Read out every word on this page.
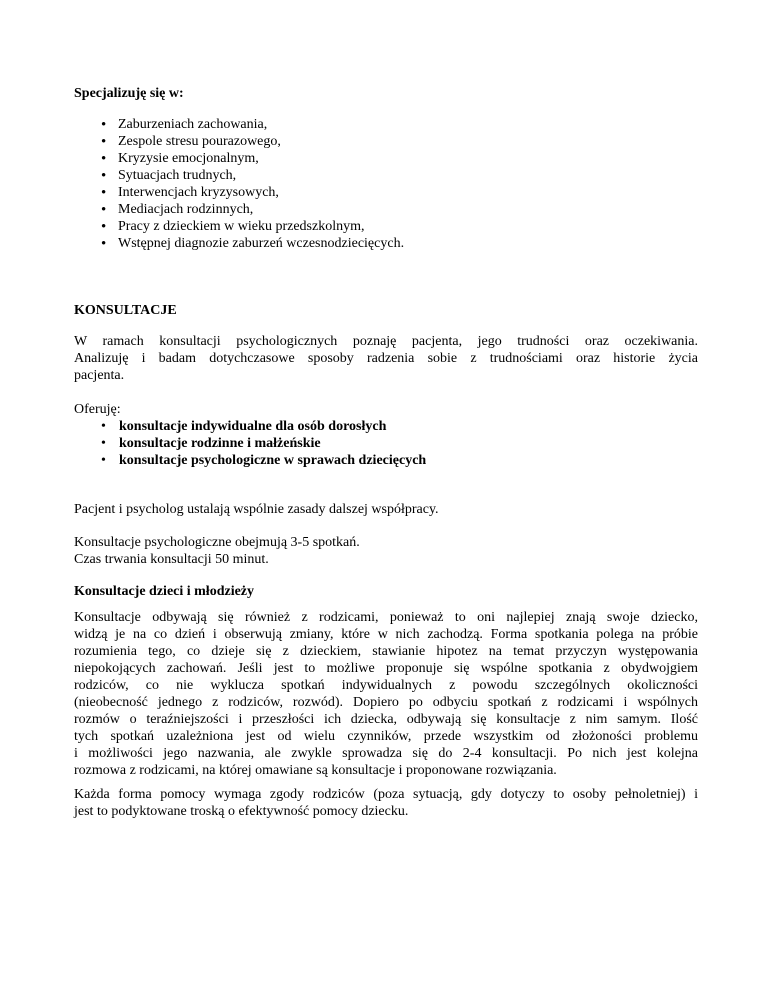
Specjalizuję się w:
• Zaburzeniach zachowania,
• Zespole stresu pourazowego,
• Kryzysie emocjonalnym,
• Sytuacjach trudnych,
• Interwencjach kryzysowych,
• Mediacjach rodzinnych,
• Pracy z dzieckiem w wieku przedszkolnym,
• Wstępnej diagnozie zaburzeń wczesnodziecięcych.
KONSULTACJE
W ramach konsultacji psychologicznych poznaję pacjenta, jego trudności oraz oczekiwania.
Analizuję i badam dotychczasowe sposoby radzenia sobie z trudnościami oraz historie życia
pacjenta.
Oferuję:
• konsultacje indywidualne dla osób dorosłych
• konsultacje rodzinne i małżeńskie
• konsultacje psychologiczne w sprawach dziecięcych
Pacjent i psycholog ustalają wspólnie zasady dalszej współpracy.
Konsultacje psychologiczne obejmują 3-5 spotkań.
Czas trwania konsultacji 50 minut.
Konsultacje dzieci i młodzieży
Konsultacje odbywają się również z rodzicami, ponieważ to oni najlepiej znają swoje dziecko,
widzą je na co dzień i obserwują zmiany, które w nich zachodzą. Forma spotkania polega na próbie
rozumienia tego, co dzieje się z dzieckiem, stawianie hipotez na temat przyczyn występowania
niepokojących zachowań. Jeśli jest to możliwe proponuje się wspólne spotkania z obydwojgiem
rodziców, co nie wyklucza spotkań indywidualnych z powodu szczególnych okoliczności
(nieobecność jednego z rodziców, rozwód). Dopiero po odbyciu spotkań z rodzicami i wspólnych
rozmów o teraźniejszości i przeszłości ich dziecka, odbywają się konsultacje z nim samym. Ilość
tych spotkań uzależniona jest od wielu czynników, przede wszystkim od złożoności problemu
i możliwości jego nazwania, ale zwykle sprowadza się do 2-4 konsultacji. Po nich jest kolejna
rozmowa z rodzicami, na której omawiane są konsultacje i proponowane rozwiązania.
Każda forma pomocy wymaga zgody rodziców (poza sytuacją, gdy dotyczy to osoby pełnoletniej) i
jest to podyktowane troską o efektywność pomocy dziecku.
